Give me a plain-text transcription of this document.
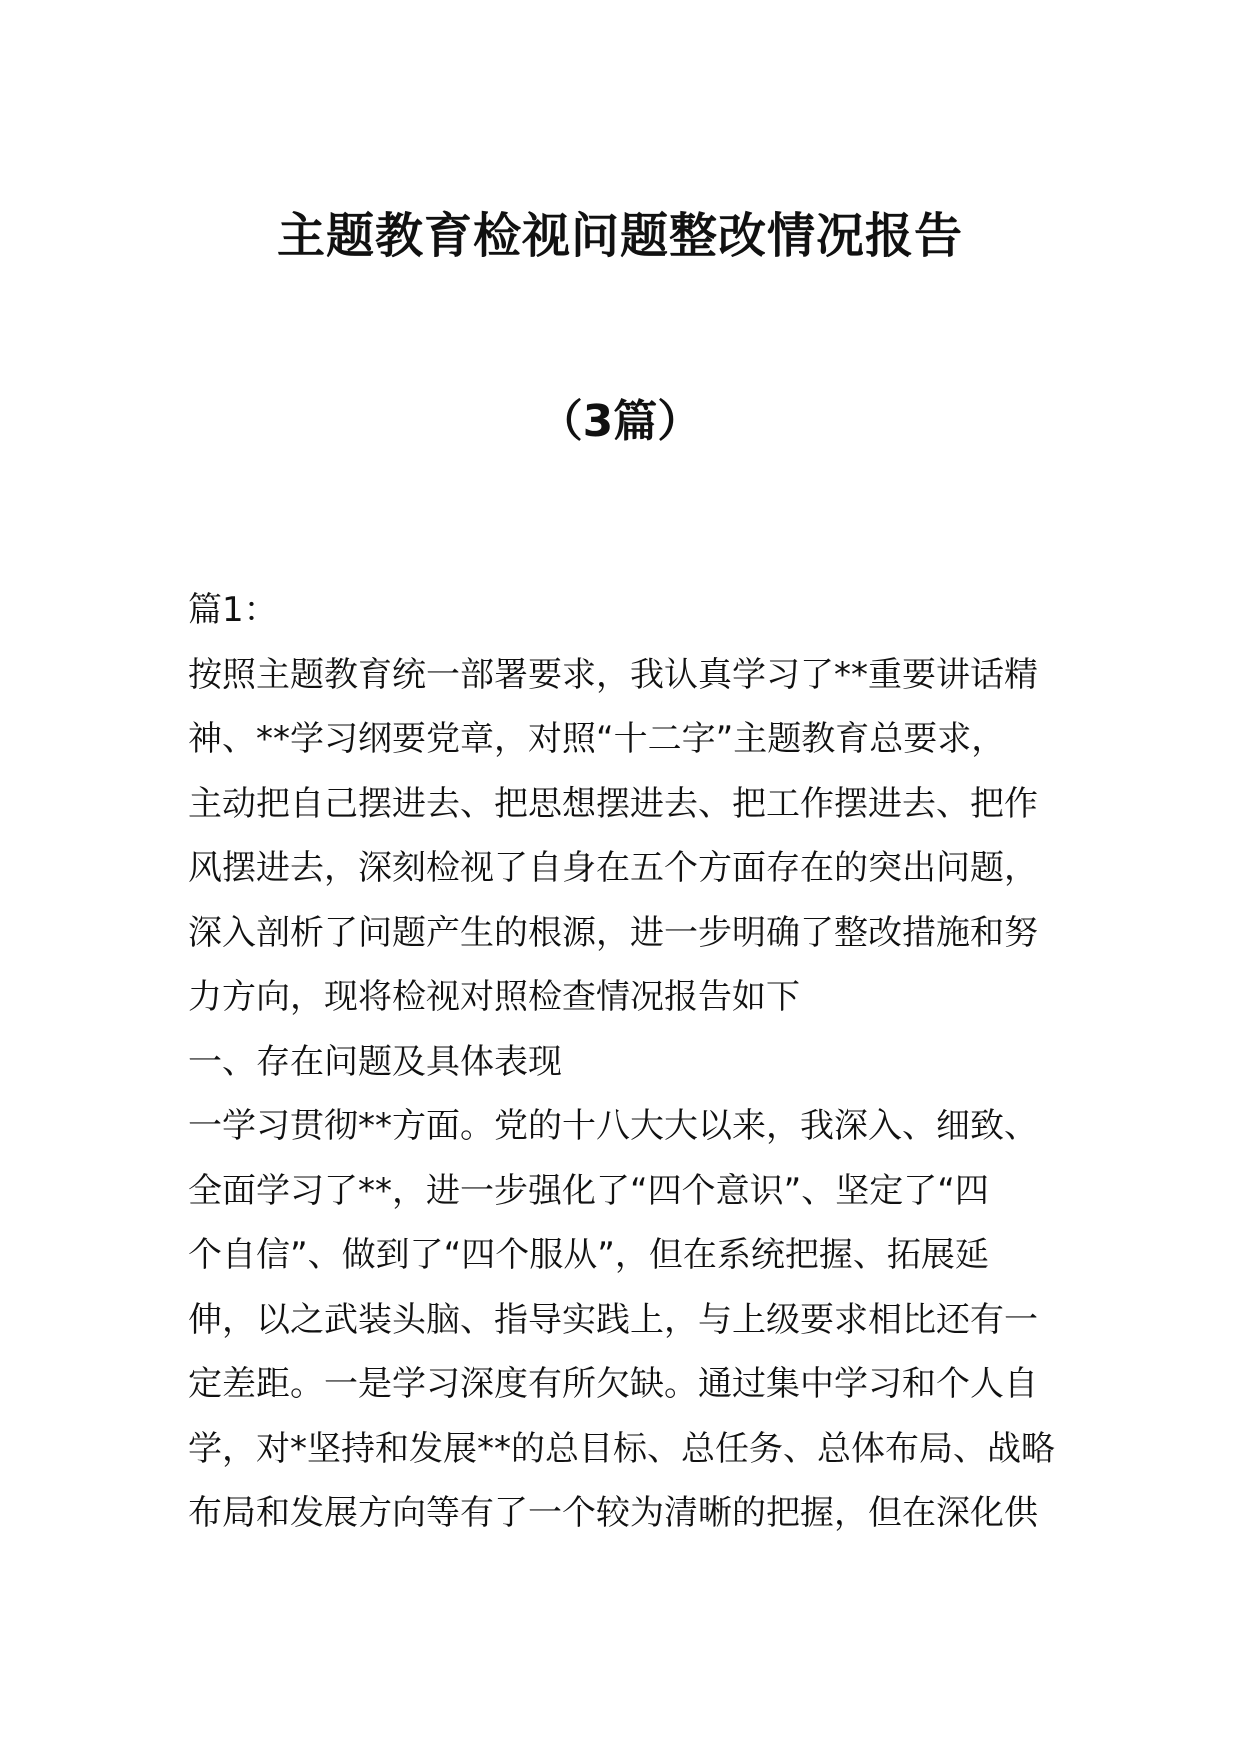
主题教育检视问题整改情况报告
（3篇）
篇1：
按照主题教育统一部署要求，我认真学习了**重要讲话精
神、**学习纲要党章，对照“十二字”主题教育总要求，
主动把自己摆进去、把思想摆进去、把工作摆进去、把作
风摆进去，深刻检视了自身在五个方面存在的突出问题，
深入剖析了问题产生的根源，进一步明确了整改措施和努
力方向，现将检视对照检查情况报告如下
一、存在问题及具体表现
一学习贯彻**方面。党的十八大大以来，我深入、细致、
全面学习了**，进一步强化了“四个意识”、坚定了“四
个自信”、做到了“四个服从”，但在系统把握、拓展延
伸，以之武装头脑、指导实践上，与上级要求相比还有一
定差距。一是学习深度有所欠缺。通过集中学习和个人自
学，对*坚持和发展**的总目标、总任务、总体布局、战略
布局和发展方向等有了一个较为清晰的把握，但在深化供
